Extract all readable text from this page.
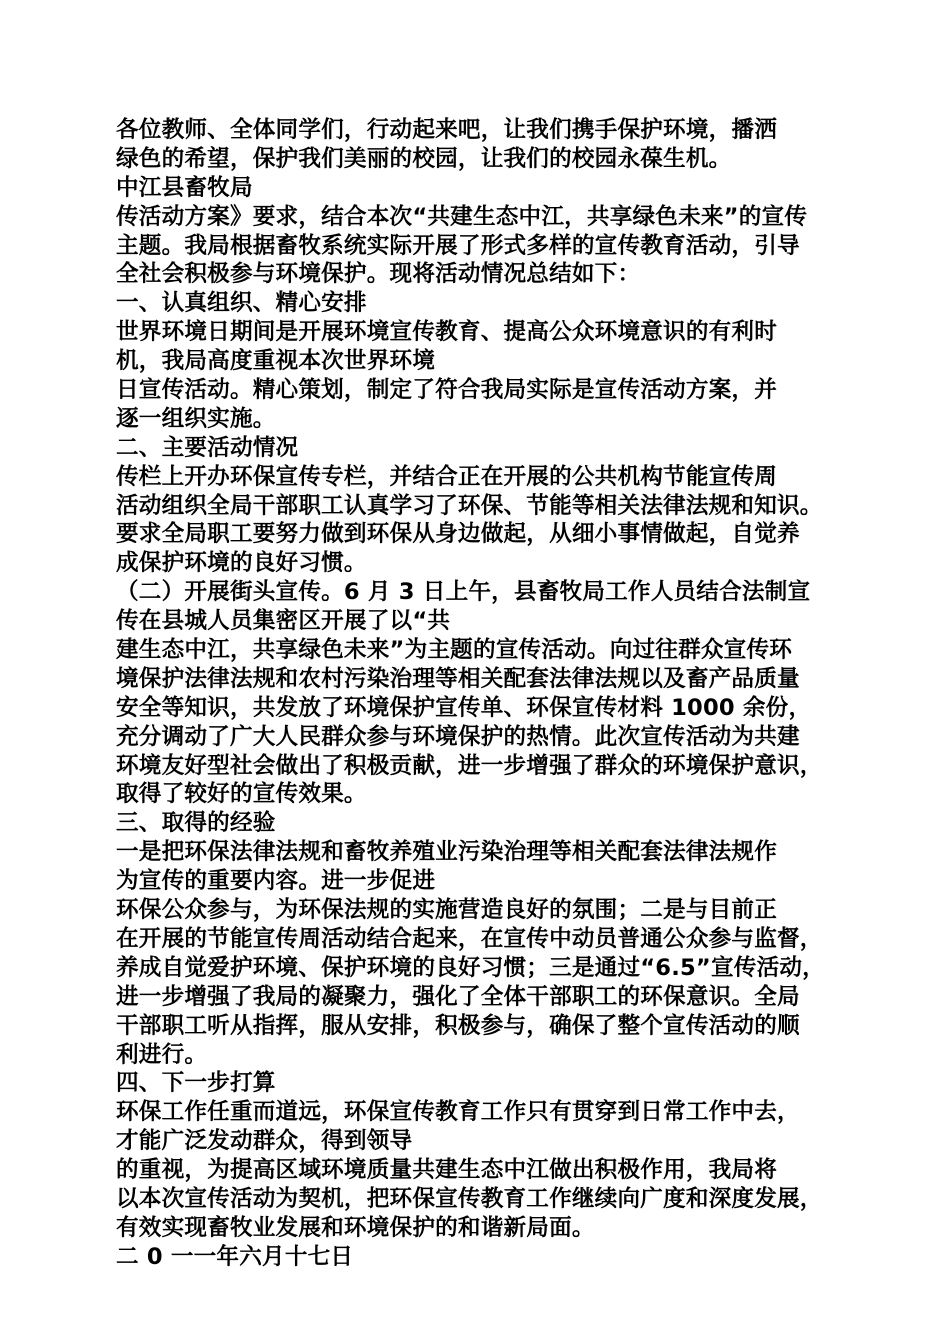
各位教师、全体同学们，行动起来吧，让我们携手保护环境，播洒
绿色的希望，保护我们美丽的校园，让我们的校园永葆生机。
中江县畜牧局
传活动方案》要求，结合本次“共建生态中江，共享绿色未来”的宣传
主题。我局根据畜牧系统实际开展了形式多样的宣传教育活动，引导
全社会积极参与环境保护。现将活动情况总结如下：
一、认真组织、精心安排
世界环境日期间是开展环境宣传教育、提高公众环境意识的有利时
机，我局高度重视本次世界环境
日宣传活动。精心策划，制定了符合我局实际是宣传活动方案，并
逐一组织实施。
二、主要活动情况
传栏上开办环保宣传专栏，并结合正在开展的公共机构节能宣传周
活动组织全局干部职工认真学习了环保、节能等相关法律法规和知识。
要求全局职工要努力做到环保从身边做起，从细小事情做起，自觉养
成保护环境的良好习惯。
（二）开展街头宣传。6 月 3 日上午，县畜牧局工作人员结合法制宣
传在县城人员集密区开展了以“共
建生态中江，共享绿色未来”为主题的宣传活动。向过往群众宣传环
境保护法律法规和农村污染治理等相关配套法律法规以及畜产品质量
安全等知识，共发放了环境保护宣传单、环保宣传材料 1000 余份，
充分调动了广大人民群众参与环境保护的热情。此次宣传活动为共建
环境友好型社会做出了积极贡献，进一步增强了群众的环境保护意识，
取得了较好的宣传效果。
三、取得的经验
一是把环保法律法规和畜牧养殖业污染治理等相关配套法律法规作
为宣传的重要内容。进一步促进
环保公众参与，为环保法规的实施营造良好的氛围；二是与目前正
在开展的节能宣传周活动结合起来，在宣传中动员普通公众参与监督，
养成自觉爱护环境、保护环境的良好习惯；三是通过“6.5”宣传活动，
进一步增强了我局的凝聚力，强化了全体干部职工的环保意识。全局
干部职工听从指挥，服从安排，积极参与，确保了整个宣传活动的顺
利进行。
四、下一步打算
环保工作任重而道远，环保宣传教育工作只有贯穿到日常工作中去，
才能广泛发动群众，得到领导
的重视，为提高区域环境质量共建生态中江做出积极作用，我局将
以本次宣传活动为契机，把环保宣传教育工作继续向广度和深度发展，
有效实现畜牧业发展和环境保护的和谐新局面。
二 0 一一年六月十七日
